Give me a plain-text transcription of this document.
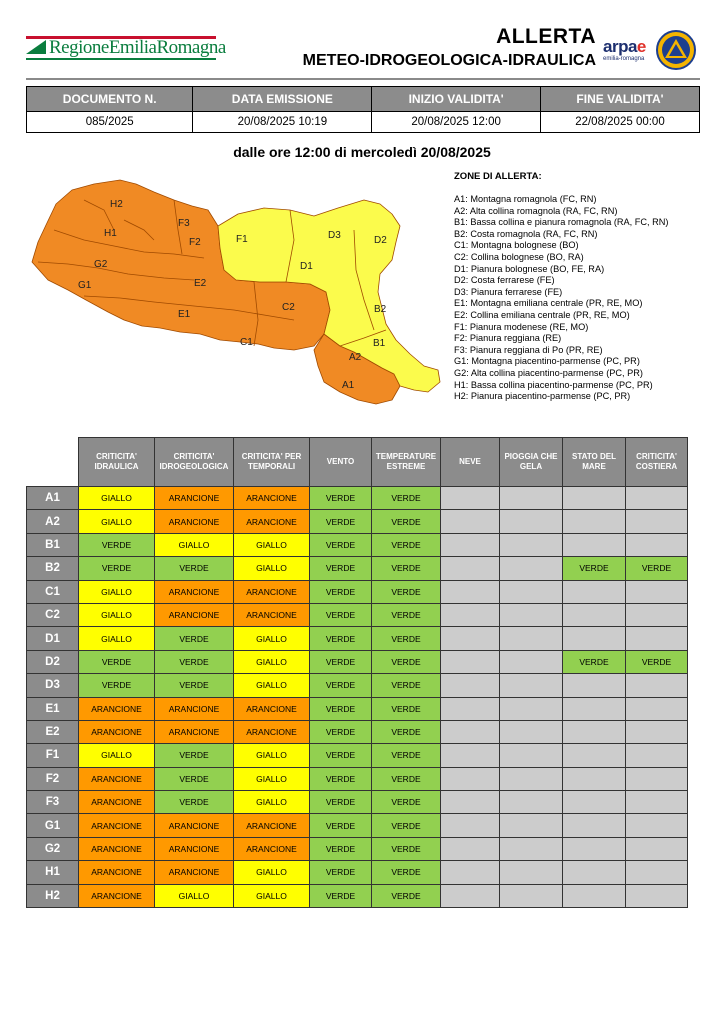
RegioneEmiliaRomagna	ALLERTA
METEO-IDROGEOLOGICA-IDRAULICA
arpae
emilia-romagna
DOCUMENTO N.	DATA EMISSIONE	INIZIO VALIDITA'	FINE VALIDITA'
085/2025	20/08/2025 10:19	20/08/2025 12:00	22/08/2025 00:00
dalle ore 12:00 di mercoledì 20/08/2025
H2
F3
H1
F2	F1	D3	D2
G2	D1
G1	E2
E1
C2	B2
C1	B1
A2
A1
ZONE DI ALLERTA:
A1: Montagna romagnola (FC, RN)
A2: Alta collina romagnola (RA, FC, RN)
B1: Bassa collina e pianura romagnola (RA, FC, RN)
B2: Costa romagnola (RA, FC, RN)
C1: Montagna bolognese (BO)
C2: Collina bolognese (BO, RA)
D1: Pianura bolognese (BO, FE, RA)
D2: Costa ferrarese (FE)
D3: Pianura ferrarese (FE)
E1: Montagna emiliana centrale (PR, RE, MO)
E2: Collina emiliana centrale (PR, RE, MO)
F1: Pianura modenese (RE, MO)
F2: Pianura reggiana (RE)
F3: Pianura reggiana di Po (PR, RE)
G1: Montagna piacentino-parmense (PC, PR)
G2: Alta collina piacentino-parmense (PC, PR)
H1: Bassa collina piacentino-parmense (PC, PR)
H2: Pianura piacentino-parmense (PC, PR)
	CRITICITA' IDRAULICA	CRITICITA' IDROGEOLOGICA	CRITICITA' PER TEMPORALI	VENTO	TEMPERATURE ESTREME	NEVE	PIOGGIA CHE GELA	STATO DEL MARE	CRITICITA' COSTIERA
A1	GIALLO	ARANCIONE	ARANCIONE	VERDE	VERDE				
A2	GIALLO	ARANCIONE	ARANCIONE	VERDE	VERDE				
B1	VERDE	GIALLO	GIALLO	VERDE	VERDE				
B2	VERDE	VERDE	GIALLO	VERDE	VERDE			VERDE	VERDE
C1	GIALLO	ARANCIONE	ARANCIONE	VERDE	VERDE				
C2	GIALLO	ARANCIONE	ARANCIONE	VERDE	VERDE				
D1	GIALLO	VERDE	GIALLO	VERDE	VERDE				
D2	VERDE	VERDE	GIALLO	VERDE	VERDE			VERDE	VERDE
D3	VERDE	VERDE	GIALLO	VERDE	VERDE				
E1	ARANCIONE	ARANCIONE	ARANCIONE	VERDE	VERDE				
E2	ARANCIONE	ARANCIONE	ARANCIONE	VERDE	VERDE				
F1	GIALLO	VERDE	GIALLO	VERDE	VERDE				
F2	ARANCIONE	VERDE	GIALLO	VERDE	VERDE				
F3	ARANCIONE	VERDE	GIALLO	VERDE	VERDE				
G1	ARANCIONE	ARANCIONE	ARANCIONE	VERDE	VERDE				
G2	ARANCIONE	ARANCIONE	ARANCIONE	VERDE	VERDE				
H1	ARANCIONE	ARANCIONE	GIALLO	VERDE	VERDE				
H2	ARANCIONE	GIALLO	GIALLO	VERDE	VERDE				
